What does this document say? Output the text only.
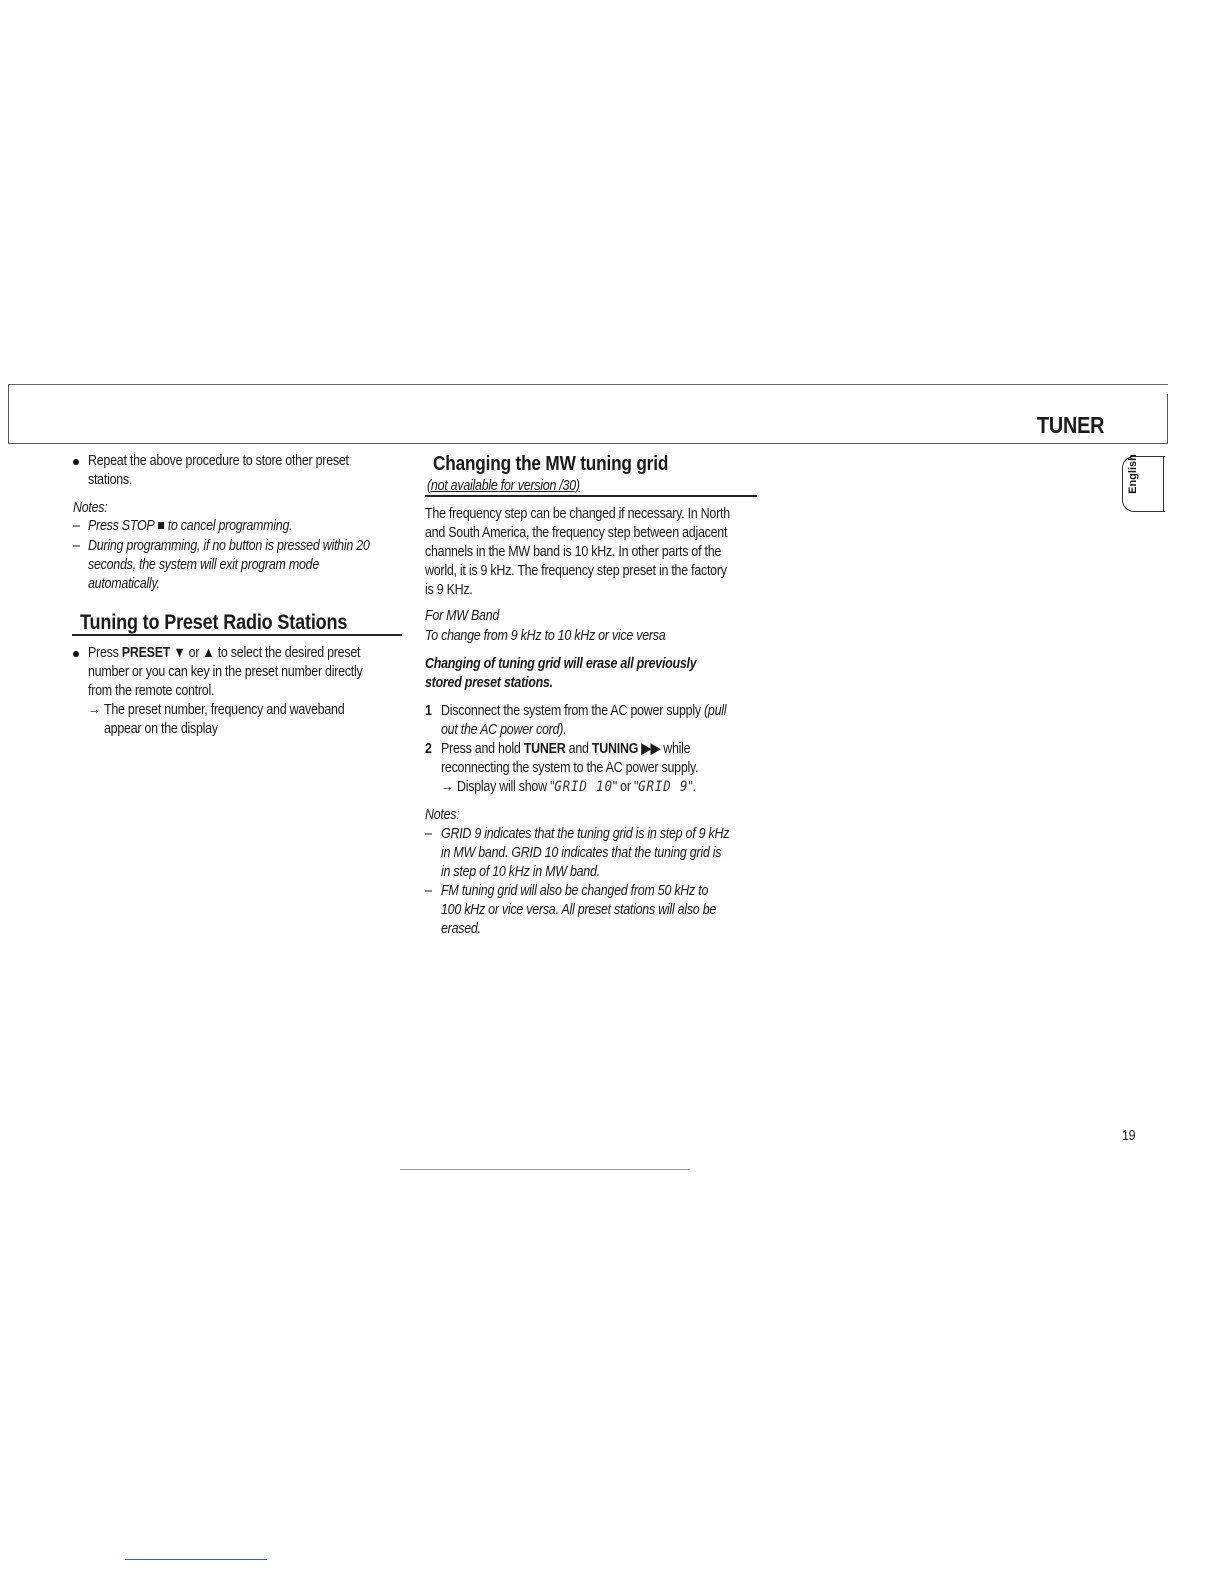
TUNER
English
Repeat the above procedure to store other preset
stations.
Notes:
– Press STOP ■ to cancel programming.
– During programming, if no button is pressed within 20
seconds, the system will exit program mode
automatically.
Tuning to Preset Radio Stations
Press PRESET ▼ or ▲ to select the desired preset
number or you can key in the preset number directly
from the remote control.
→ The preset number, frequency and waveband
appear on the display
Changing the MW tuning grid
(not available for version /30)
The frequency step can be changed if necessary. In North
and South America, the frequency step between adjacent
channels in the MW band is 10 kHz. In other parts of the
world, it is 9 kHz. The frequency step preset in the factory
is 9 KHz.
For MW Band
To change from 9 kHz to 10 kHz or vice versa
Changing of tuning grid will erase all previously
stored preset stations.
1 Disconnect the system from the AC power supply (pull
out the AC power cord).
2 Press and hold TUNER and TUNING ▶▶ while
reconnecting the system to the AC power supply.
→ Display will show "GRID 10" or "GRID 9".
Notes:
– GRID 9 indicates that the tuning grid is in step of 9 kHz
in MW band. GRID 10 indicates that the tuning grid is
in step of 10 kHz in MW band.
– FM tuning grid will also be changed from 50 kHz to
100 kHz or vice versa. All preset stations will also be
erased.
19
